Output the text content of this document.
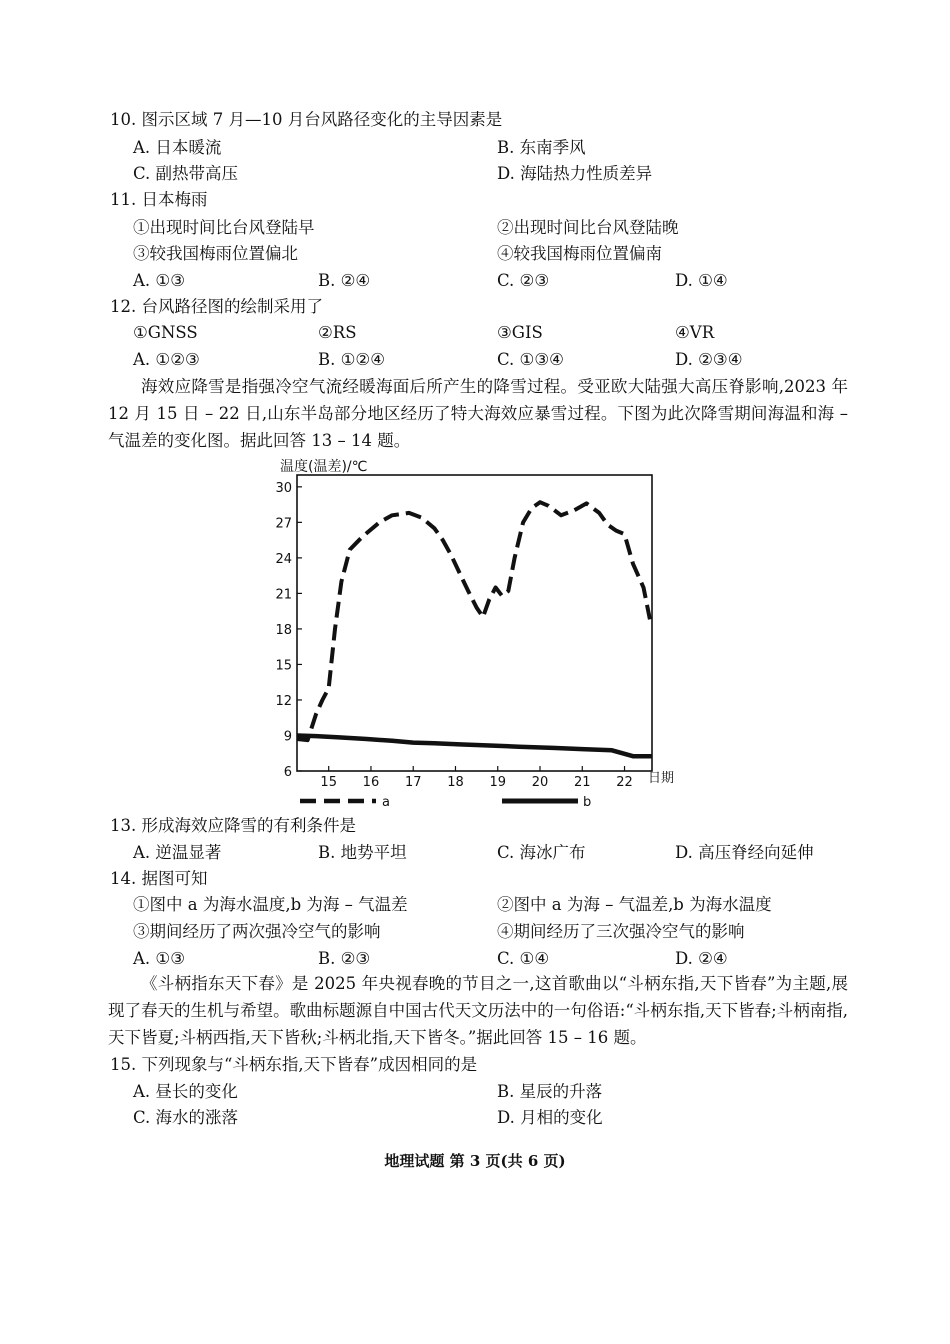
10. 图示区域 7 月—10 月台风路径变化的主导因素是
A. 日本暖流	B. 东南季风
C. 副热带高压	D. 海陆热力性质差异
11. 日本梅雨
①出现时间比台风登陆早	②出现时间比台风登陆晚
③较我国梅雨位置偏北	④较我国梅雨位置偏南
A. ①③	B. ②④	C. ②③	D. ①④
12. 台风路径图的绘制采用了
①GNSS	②RS	③GIS	④VR
A. ①②③	B. ①②④	C. ①③④	D. ②③④
海效应降雪是指强冷空气流经暖海面后所产生的降雪过程。受亚欧大陆强大高压脊影响,2023 年 12 月 15 日 – 22 日,山东半岛部分地区经历了特大海效应暴雪过程。下图为此次降雪期间海温和海 – 气温差的变化图。据此回答 13 – 14 题。
温度(温差)/℃
6
9
12
15
18
21
24
27
30
15 16 17 18 19 20 21 22 日期
a	b
13. 形成海效应降雪的有利条件是
A. 逆温显著	B. 地势平坦	C. 海冰广布	D. 高压脊经向延伸
14. 据图可知
①图中 a 为海水温度,b 为海 – 气温差	②图中 a 为海 – 气温差,b 为海水温度
③期间经历了两次强冷空气的影响	④期间经历了三次强冷空气的影响
A. ①③	B. ②③	C. ①④	D. ②④
《斗柄指东天下春》是 2025 年央视春晚的节目之一,这首歌曲以“斗柄东指,天下皆春”为主题,展现了春天的生机与希望。歌曲标题源自中国古代天文历法中的一句俗语:“斗柄东指,天下皆春;斗柄南指,天下皆夏;斗柄西指,天下皆秋;斗柄北指,天下皆冬。”据此回答 15 – 16 题。
15. 下列现象与“斗柄东指,天下皆春”成因相同的是
A. 昼长的变化	B. 星辰的升落
C. 海水的涨落	D. 月相的变化
地理试题 第 3 页(共 6 页)
